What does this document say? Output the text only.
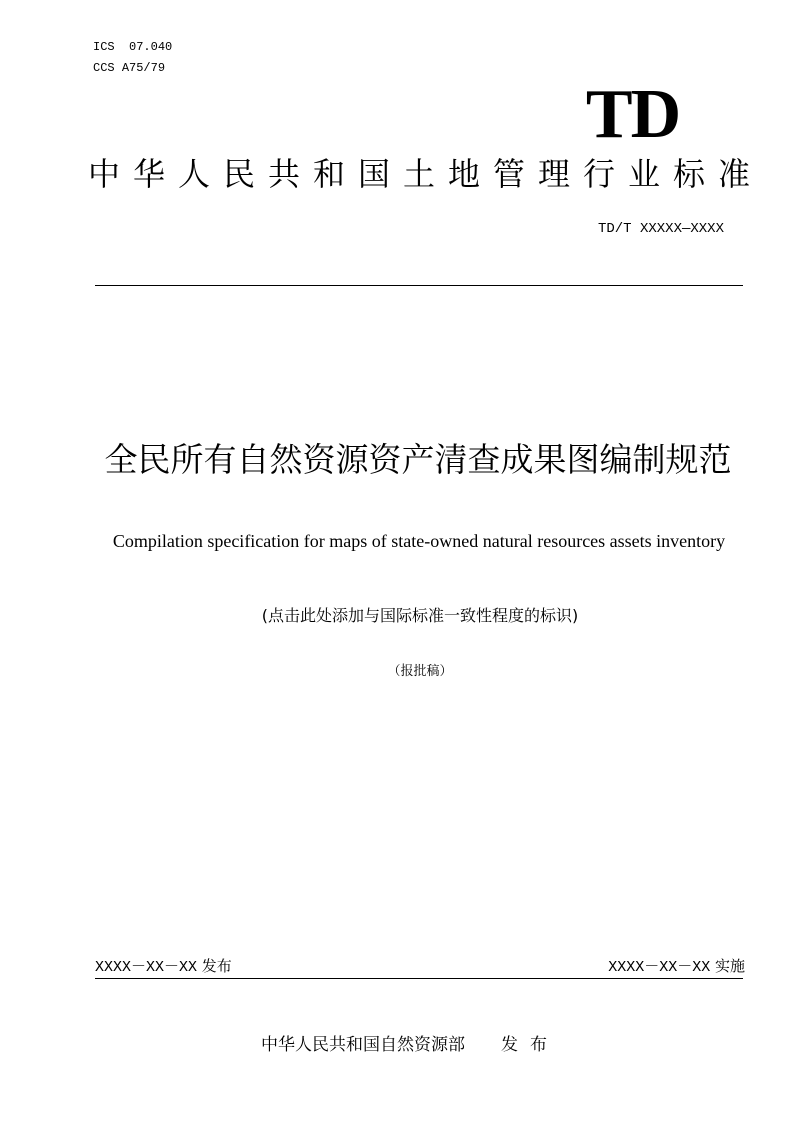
ICS 07.040
CCS A75/79
TD
中华人民共和国土地管理行业标准
TD/T XXXXX—XXXX
全民所有自然资源资产清查成果图编制规范
Compilation specification for maps of state-owned natural resources assets inventory
(点击此处添加与国际标准一致性程度的标识)
（报批稿）
XXXX－XX－XX 发布	XXXX－XX－XX 实施
中华人民共和国自然资源部 发布
